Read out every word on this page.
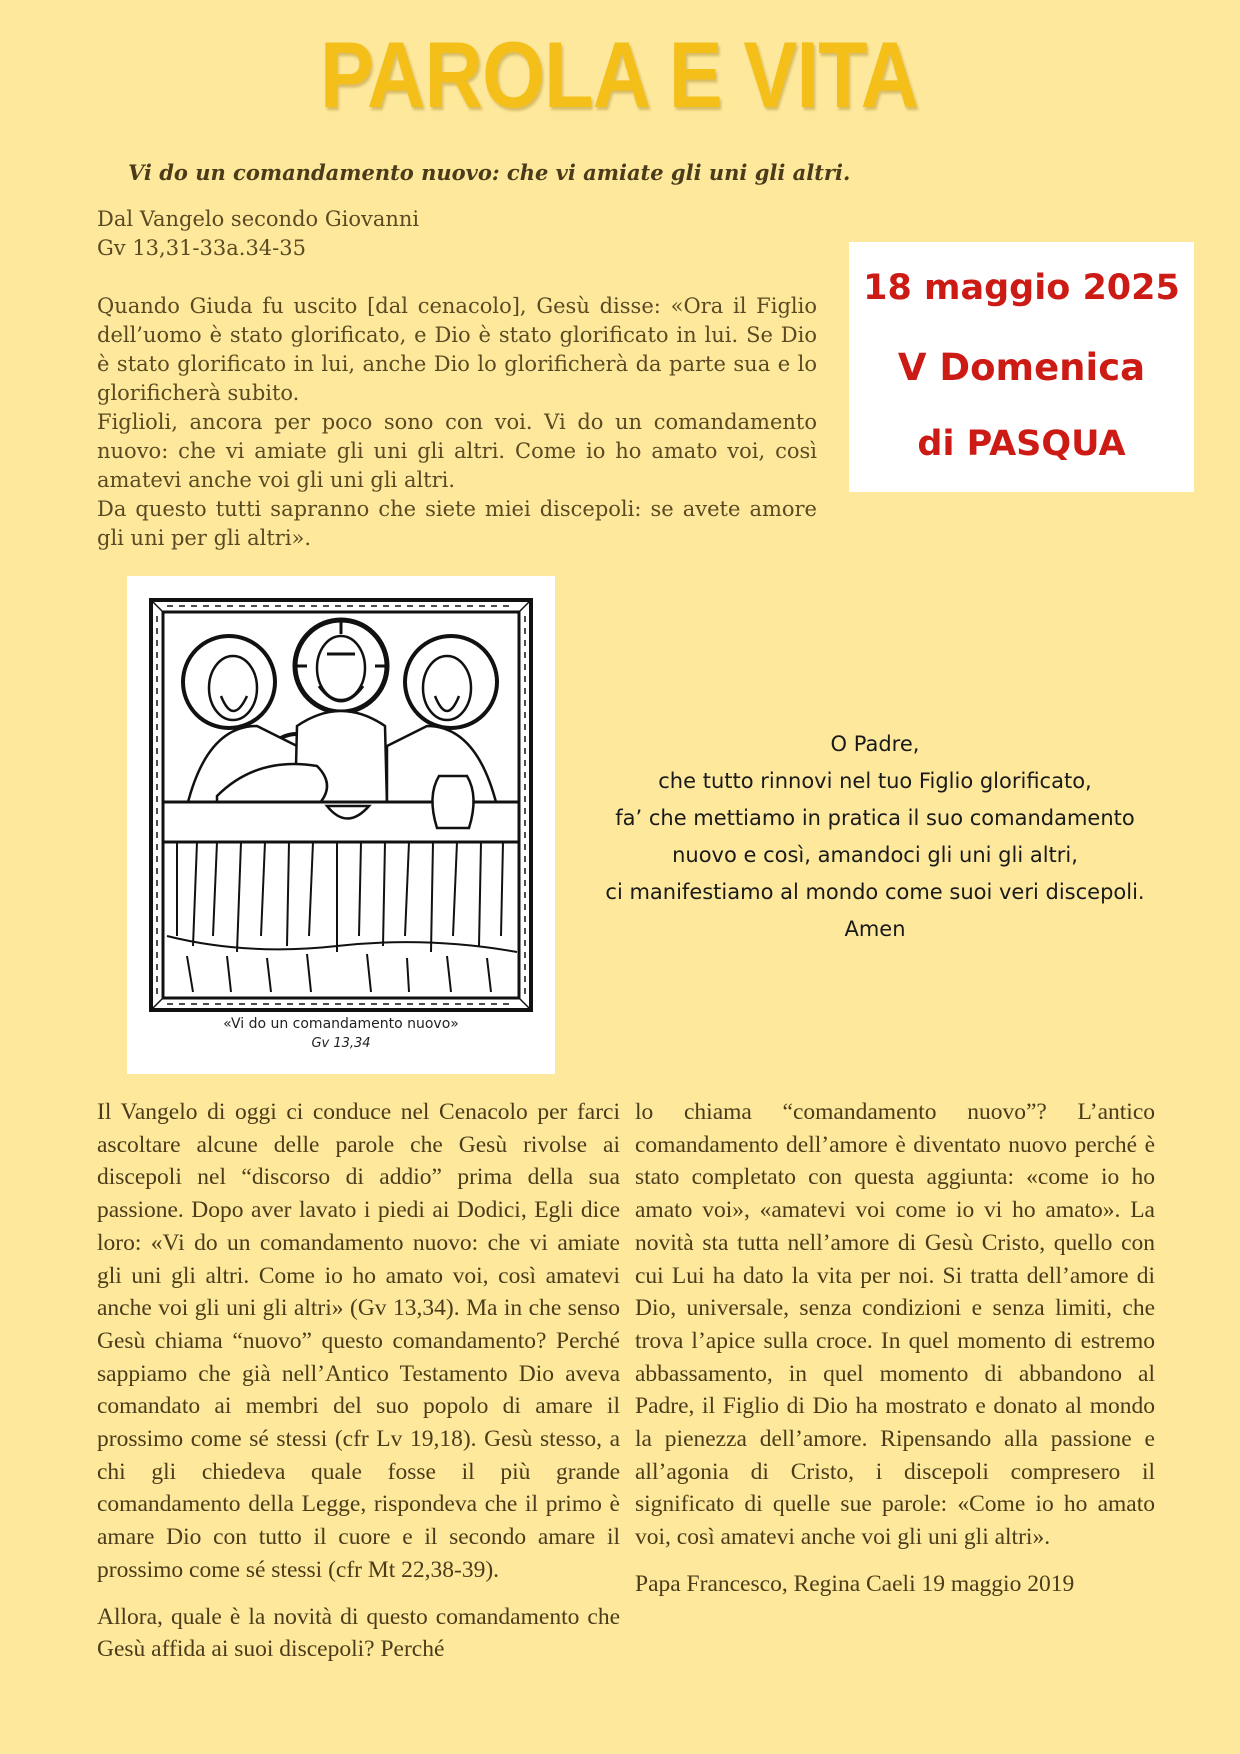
PAROLA E VITA
Vi do un comandamento nuovo: che vi amiate gli uni gli altri.
Dal Vangelo secondo Giovanni
Gv 13,31-33a.34-35

Quando Giuda fu uscito [dal cenacolo], Gesù disse: «Ora il Figlio dell’uomo è stato glorificato, e Dio è stato glorificato in lui. Se Dio è stato glorificato in lui, anche Dio lo glorificherà da parte sua e lo glorificherà subito.

Figlioli, ancora per poco sono con voi. Vi do un comandamento nuovo: che vi amiate gli uni gli altri. Come io ho amato voi, così amatevi anche voi gli uni gli altri.

Da questo tutti sapranno che siete miei discepoli: se avete amore gli uni per gli altri».

18 maggio 2025
V Domenica
di PASQUA
«Vi do un comandamento nuovo»
Gv 13,34
O Padre,
che tutto rinnovi nel tuo Figlio glorificato,
fa’ che mettiamo in pratica il suo comandamento
nuovo e così, amandoci gli uni gli altri,
ci manifestiamo al mondo come suoi veri discepoli.
Amen

Il Vangelo di oggi ci conduce nel Cenacolo per farci ascoltare alcune delle parole che Gesù rivolse ai discepoli nel “discorso di addio” prima della sua passione. Dopo aver lavato i piedi ai Dodici, Egli dice loro: «Vi do un comandamento nuovo: che vi amiate gli uni gli altri. Come io ho amato voi, così amatevi anche voi gli uni gli altri» (Gv 13,34). Ma in che senso Gesù chiama “nuovo” questo comandamento? Perché sappiamo che già nell’Antico Testamento Dio aveva comandato ai membri del suo popolo di amare il prossimo come sé stessi (cfr Lv 19,18). Gesù stesso, a chi gli chiedeva quale fosse il più grande comandamento della Legge, rispondeva che il primo è amare Dio con tutto il cuore e il secondo amare il prossimo come sé stessi (cfr Mt 22,38-39).

Allora, quale è la novità di questo comandamento che Gesù affida ai suoi discepoli? Perché

lo chiama “comandamento nuovo”? L’antico comandamento dell’amore è diventato nuovo perché è stato completato con questa aggiunta: «come io ho amato voi», «amatevi voi come io vi ho amato». La novità sta tutta nell’amore di Gesù Cristo, quello con cui Lui ha dato la vita per noi. Si tratta dell’amore di Dio, universale, senza condizioni e senza limiti, che trova l’apice sulla croce. In quel momento di estremo abbassamento, in quel momento di abbandono al Padre, il Figlio di Dio ha mostrato e donato al mondo la pienezza dell’amore. Ripensando alla passione e all’agonia di Cristo, i discepoli compresero il significato di quelle sue parole: «Come io ho amato voi, così amatevi anche voi gli uni gli altri».

Papa Francesco, Regina Caeli 19 maggio 2019
